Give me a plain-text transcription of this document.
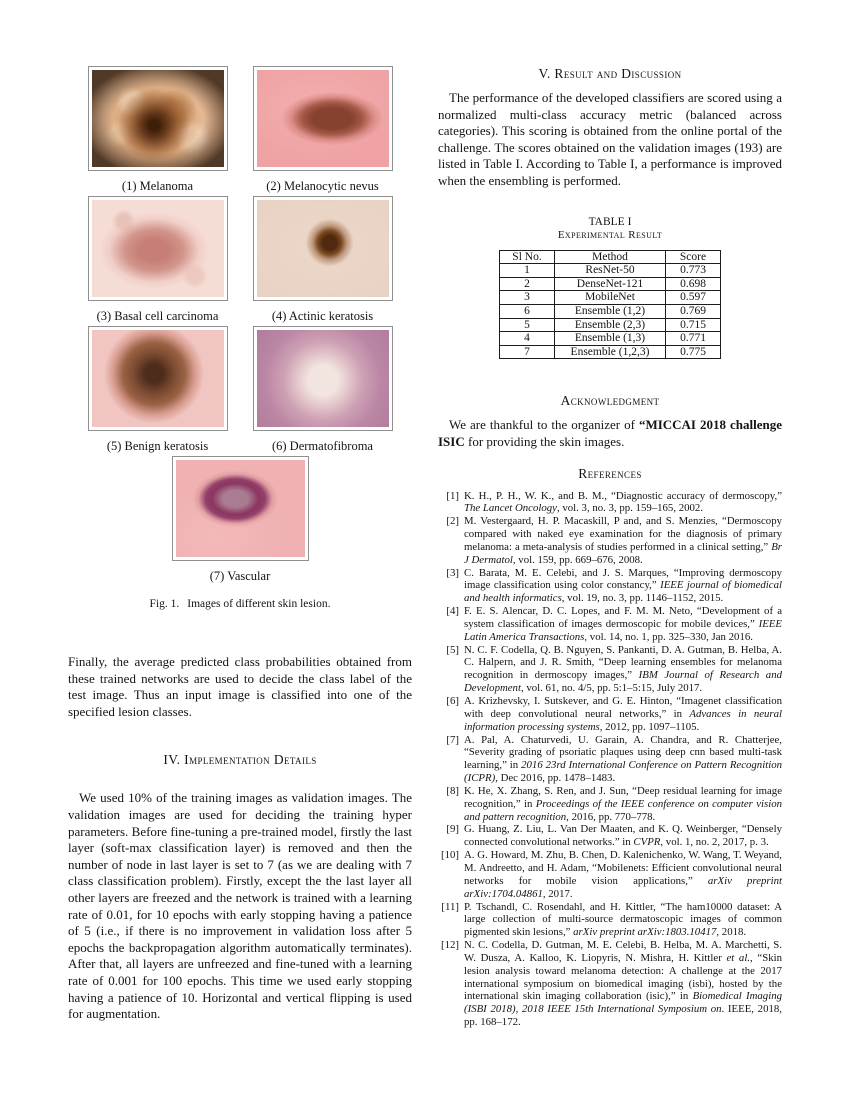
(1) Melanoma	(2) Melanocytic nevus
(3) Basal cell carcinoma	(4) Actinic keratosis
(5) Benign keratosis	(6) Dermatofibroma
(7) Vascular
Fig. 1. Images of different skin lesion.

Finally, the average predicted class probabilities obtained from these trained networks are used to decide the class label of the test image. Thus an input image is classified into one of the specified lesion classes.

IV. Implementation Details

We used 10% of the training images as validation images. The validation images are used for deciding the training hyper parameters. Before fine-tuning a pre-trained model, firstly the last layer (soft-max classification layer) is removed and then the number of node in last layer is set to 7 (as we are dealing with 7 class classification problem). Firstly, except the the last layer all other layers are freezed and the network is trained with a learning rate of 0.01, for 10 epochs with early stopping having a patience of 5 (i.e., if there is no improvement in validation loss after 5 epochs the backpropagation algorithm automatically terminates). After that, all layers are unfreezed and fine-tuned with a learning rate of 0.001 for 100 epochs. This time we used early stopping having a patience of 10. Horizontal and vertical flipping is used for augmentation.

V. Result and Discussion

The performance of the developed classifiers are scored using a normalized multi-class accuracy metric (balanced across categories). This scoring is obtained from the online portal of the challenge. The scores obtained on the validation images (193) are listed in Table I. According to Table I, a performance is improved when the ensembling is performed.

TABLE I
Experimental Result
Sl No.	Method	Score
1	ResNet-50	0.773
2	DenseNet-121	0.698
3	MobileNet	0.597
6	Ensemble (1,2)	0.769
5	Ensemble (2,3)	0.715
4	Ensemble (1,3)	0.771
7	Ensemble (1,2,3)	0.775
Acknowledgment

We are thankful to the organizer of “MICCAI 2018 challenge ISIC for providing the skin images.

References
[1] K. H., P. H., W. K., and B. M., “Diagnostic accuracy of dermoscopy,” The Lancet Oncology, vol. 3, no. 3, pp. 159–165, 2002.
[2] M. Vestergaard, H. P. Macaskill, P and, and S. Menzies, “Dermoscopy compared with naked eye examination for the diagnosis of primary melanoma: a meta-analysis of studies performed in a clinical setting,” Br J Dermatol, vol. 159, pp. 669–676, 2008.
[3] C. Barata, M. E. Celebi, and J. S. Marques, “Improving dermoscopy image classification using color constancy,” IEEE journal of biomedical and health informatics, vol. 19, no. 3, pp. 1146–1152, 2015.
[4] F. E. S. Alencar, D. C. Lopes, and F. M. M. Neto, “Development of a system classification of images dermoscopic for mobile devices,” IEEE Latin America Transactions, vol. 14, no. 1, pp. 325–330, Jan 2016.
[5] N. C. F. Codella, Q. B. Nguyen, S. Pankanti, D. A. Gutman, B. Helba, A. C. Halpern, and J. R. Smith, “Deep learning ensembles for melanoma recognition in dermoscopy images,” IBM Journal of Research and Development, vol. 61, no. 4/5, pp. 5:1–5:15, July 2017.
[6] A. Krizhevsky, I. Sutskever, and G. E. Hinton, “Imagenet classification with deep convolutional neural networks,” in Advances in neural information processing systems, 2012, pp. 1097–1105.
[7] A. Pal, A. Chaturvedi, U. Garain, A. Chandra, and R. Chatterjee, “Severity grading of psoriatic plaques using deep cnn based multi-task learning,” in 2016 23rd International Conference on Pattern Recognition (ICPR), Dec 2016, pp. 1478–1483.
[8] K. He, X. Zhang, S. Ren, and J. Sun, “Deep residual learning for image recognition,” in Proceedings of the IEEE conference on computer vision and pattern recognition, 2016, pp. 770–778.
[9] G. Huang, Z. Liu, L. Van Der Maaten, and K. Q. Weinberger, “Densely connected convolutional networks.” in CVPR, vol. 1, no. 2, 2017, p. 3.
[10] A. G. Howard, M. Zhu, B. Chen, D. Kalenichenko, W. Wang, T. Weyand, M. Andreetto, and H. Adam, “Mobilenets: Efficient convolutional neural networks for mobile vision applications,” arXiv preprint arXiv:1704.04861, 2017.
[11] P. Tschandl, C. Rosendahl, and H. Kittler, “The ham10000 dataset: A large collection of multi-source dermatoscopic images of common pigmented skin lesions,” arXiv preprint arXiv:1803.10417, 2018.
[12] N. C. Codella, D. Gutman, M. E. Celebi, B. Helba, M. A. Marchetti, S. W. Dusza, A. Kalloo, K. Liopyris, N. Mishra, H. Kittler et al., “Skin lesion analysis toward melanoma detection: A challenge at the 2017 international symposium on biomedical imaging (isbi), hosted by the international skin imaging collaboration (isic),” in Biomedical Imaging (ISBI 2018), 2018 IEEE 15th International Symposium on. IEEE, 2018, pp. 168–172.
